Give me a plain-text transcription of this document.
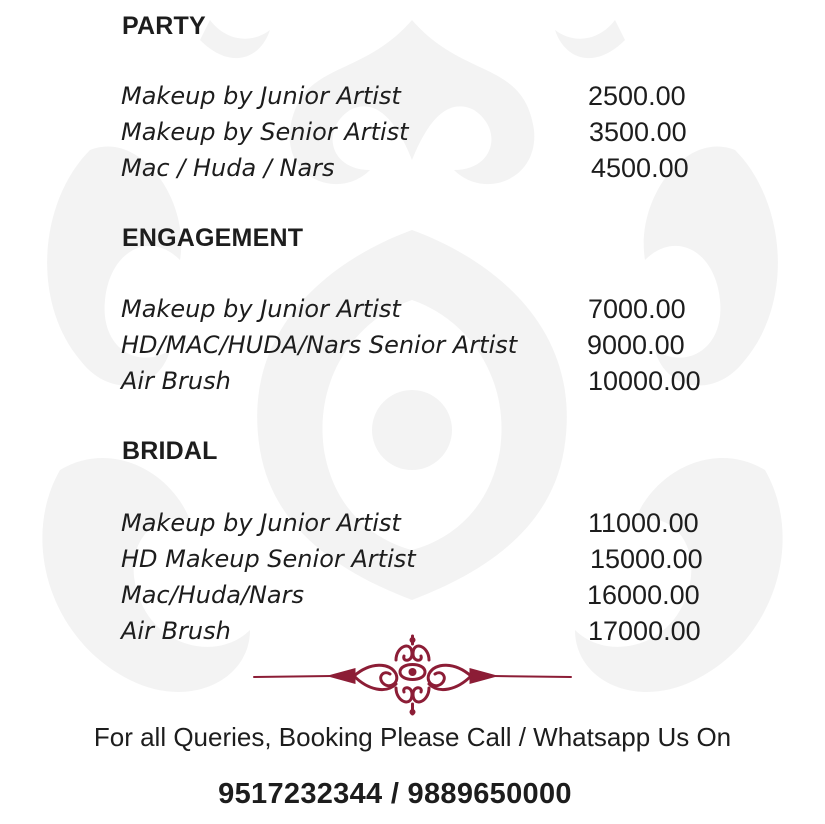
PARTY
Makeup by Junior Artist	2500.00
Makeup by Senior Artist	3500.00
Mac / Huda / Nars	4500.00
ENGAGEMENT
Makeup by Junior Artist	7000.00
HD/MAC/HUDA/Nars Senior Artist	9000.00
Air Brush	10000.00
BRIDAL
Makeup by Junior Artist	11000.00
HD Makeup Senior Artist	15000.00
Mac/Huda/Nars	16000.00
Air Brush	17000.00
For all Queries, Booking Please Call / Whatsapp Us On
9517232344 / 9889650000
